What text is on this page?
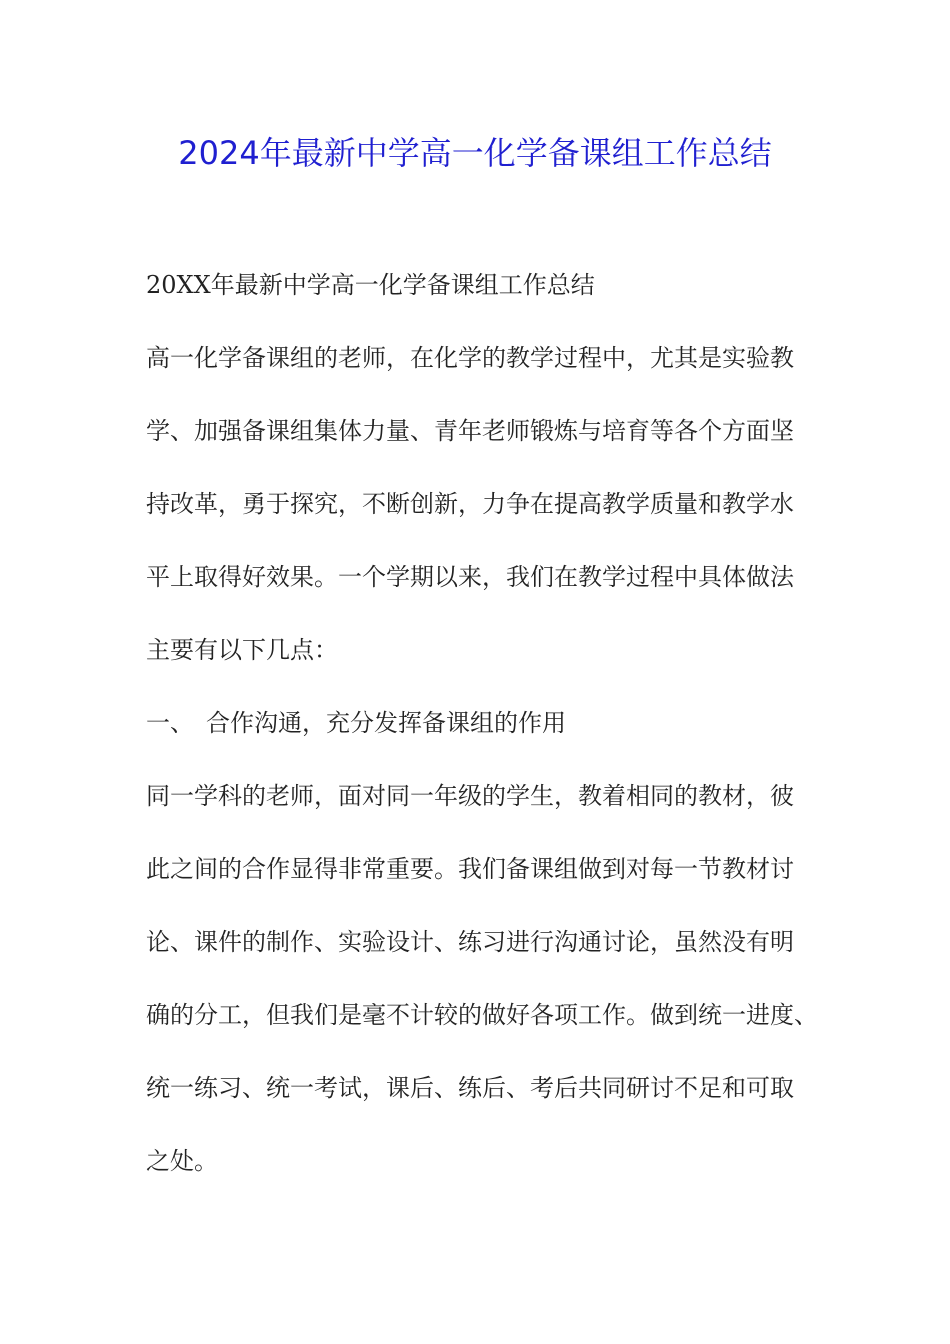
2024年最新中学高一化学备课组工作总结
20XX年最新中学高一化学备课组工作总结
高一化学备课组的老师，在化学的教学过程中，尤其是实验教
学、加强备课组集体力量、青年老师锻炼与培育等各个方面坚
持改革，勇于探究，不断创新，力争在提高教学质量和教学水
平上取得好效果。一个学期以来，我们在教学过程中具体做法
主要有以下几点：
一、　合作沟通，充分发挥备课组的作用
同一学科的老师，面对同一年级的学生，教着相同的教材，彼
此之间的合作显得非常重要。我们备课组做到对每一节教材讨
论、课件的制作、实验设计、练习进行沟通讨论，虽然没有明
确的分工，但我们是毫不计较的做好各项工作。做到统一进度、
统一练习、统一考试，课后、练后、考后共同研讨不足和可取
之处。
